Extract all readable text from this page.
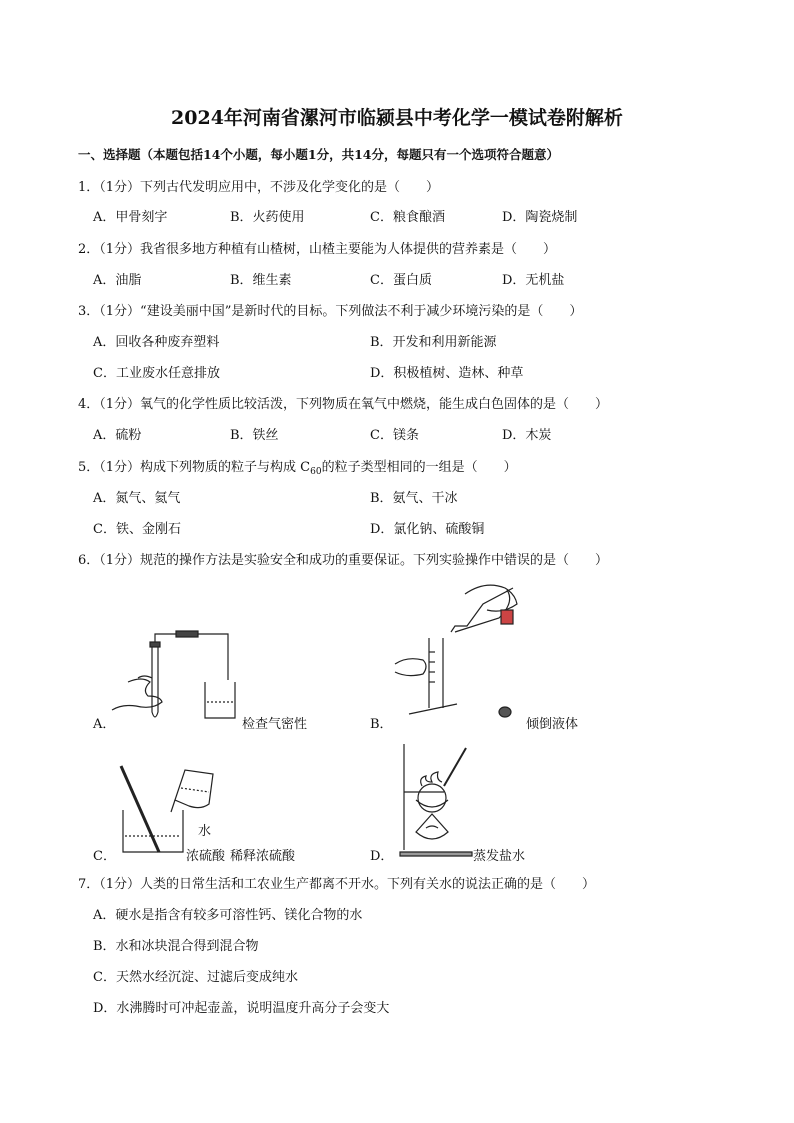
2024年河南省漯河市临颍县中考化学一模试卷附解析
一、选择题（本题包括14个小题，每小题1分，共14分，每题只有一个选项符合题意）
1．（1分）下列古代发明应用中，不涉及化学变化的是（　　）
A．甲骨刻字	B．火药使用	C．粮食酿酒	D．陶瓷烧制
2．（1分）我省很多地方种植有山楂树，山楂主要能为人体提供的营养素是（　　）
A．油脂	B．维生素	C．蛋白质	D．无机盐
3．（1分）“建设美丽中国”是新时代的目标。下列做法不利于减少环境污染的是（　　）
A．回收各种废弃塑料	B．开发和利用新能源
C．工业废水任意排放	D．积极植树、造林、种草
4．（1分）氧气的化学性质比较活泼，下列物质在氧气中燃烧，能生成白色固体的是（　　）
A．硫粉	B．铁丝	C．镁条	D．木炭
5．（1分）构成下列物质的粒子与构成 $C_{60}$的粒子类型相同的一组是（　　）
A．氮气、氦气	B．氨气、干冰
C．铁、金刚石	D．氯化钠、硫酸铜
6．（1分）规范的操作方法是实验安全和成功的重要保证。下列实验操作中错误的是（　　）
A．	检查气密性	B．	倾倒液体
水
C．	浓硫酸 稀释浓硫酸	D．	蒸发盐水
7．（1分）人类的日常生活和工农业生产都离不开水。下列有关水的说法正确的是（　　）
A．硬水是指含有较多可溶性钙、镁化合物的水
B．水和冰块混合得到混合物
C．天然水经沉淀、过滤后变成纯水
D．水沸腾时可冲起壶盖，说明温度升高分子会变大
